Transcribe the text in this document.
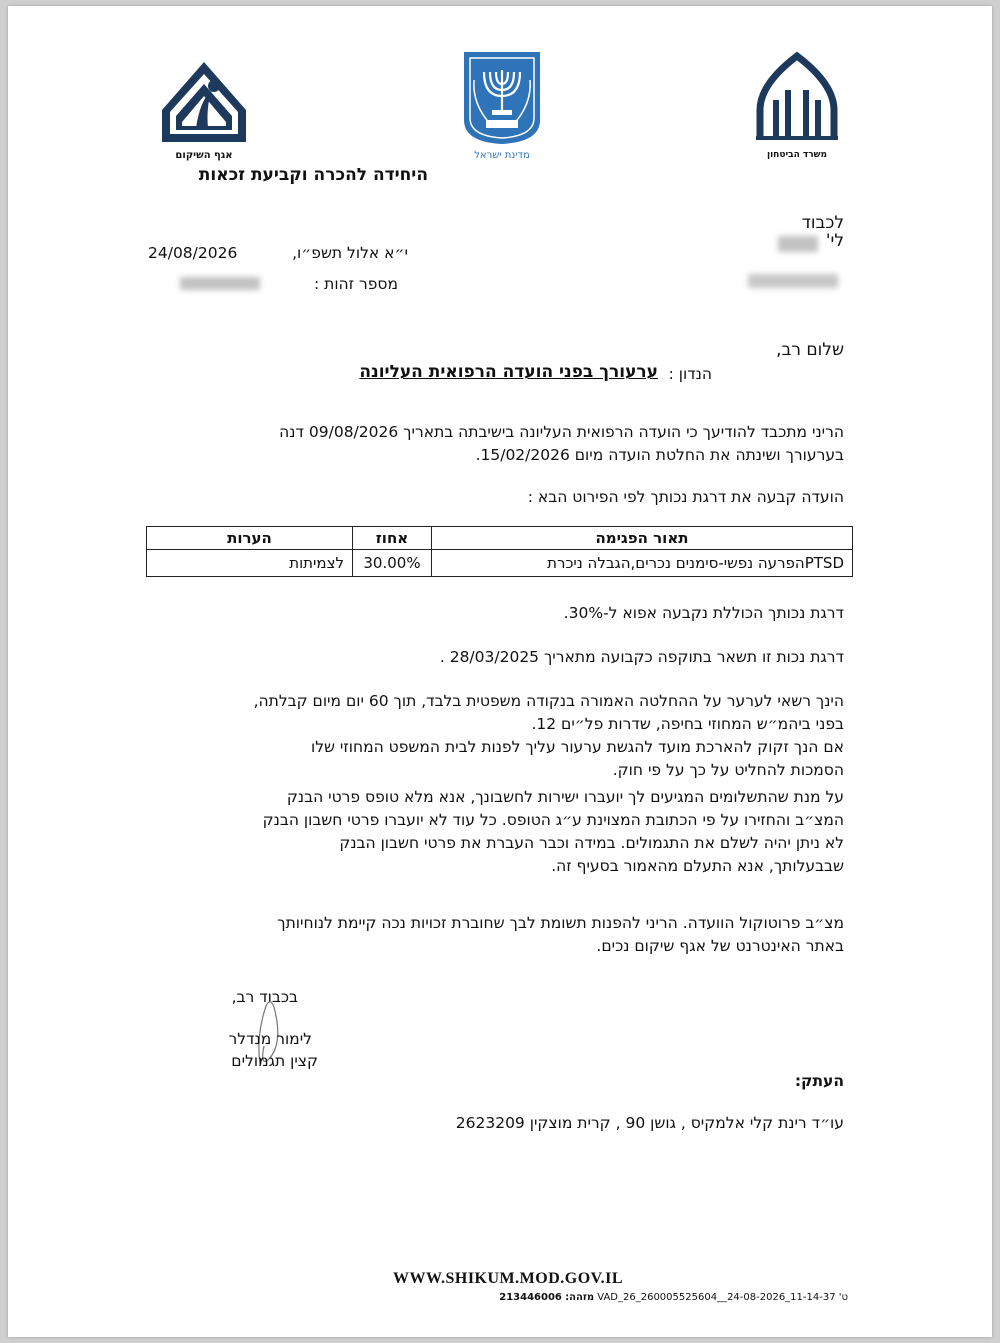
אגף השיקום	מדינת ישראל	משרד הביטחון
היחידה להכרה וקביעת זכאות
לכבוד
לי'
י״א אלול תשפ״ו,
24/08/2026
מספר זהות :
שלום רב,
הנדון :
ערעורך בפני הועדה הרפואית העליונה
הריני מתכבד להודיעך כי הועדה הרפואית העליונה בישיבתה בתאריך 09/08/2026 דנה
בערעורך ושינתה את החלטת הועדה מיום 15/02/2026.
הועדה קבעה את דרגת נכותך לפי הפירוט הבא :
תאור הפגימה	אחוז	הערות
PTSDהפרעה נפשי-סימנים נכרים,הגבלה ניכרת	30.00%	לצמיתות
דרגת נכותך הכוללת נקבעה אפוא ל-30%.
דרגת נכות זו תשאר בתוקפה כקבועה מתאריך 28/03/2025 .
הינך רשאי לערער על ההחלטה האמורה בנקודה משפטית בלבד, תוך 60 יום מיום קבלתה,
בפני ביהמ״ש המחוזי בחיפה, שדרות פל״ים 12.
אם הנך זקוק להארכת מועד להגשת ערעור עליך לפנות לבית המשפט המחוזי שלו
הסמכות להחליט על כך על פי חוק.
על מנת שהתשלומים המגיעים לך יועברו ישירות לחשבונך, אנא מלא טופס פרטי הבנק
המצ״ב והחזירו על פי הכתובת המצוינת ע״ג הטופס. כל עוד לא יועברו פרטי חשבון הבנק
לא ניתן יהיה לשלם את התגמולים. במידה וכבר העברת את פרטי חשבון הבנק
שבבעלותך, אנא התעלם מהאמור בסעיף זה.
מצ״ב פרוטוקול הוועדה. הריני להפנות תשומת לבך שחוברת זכויות נכה קיימת לנוחיותך
באתר האינטרנט של אגף שיקום נכים.
בכבוד רב,
לימור מנדלר
קצין תגמולים
העתק:
עו״ד רינת קלי אלמקיס , גושן 90 , קרית מוצקין 2623209
WWW.SHIKUM.MOD.GOV.IL
ט' VAD_26_260005525604__24-08-2026_11-14-37 מזהה: 213446006
